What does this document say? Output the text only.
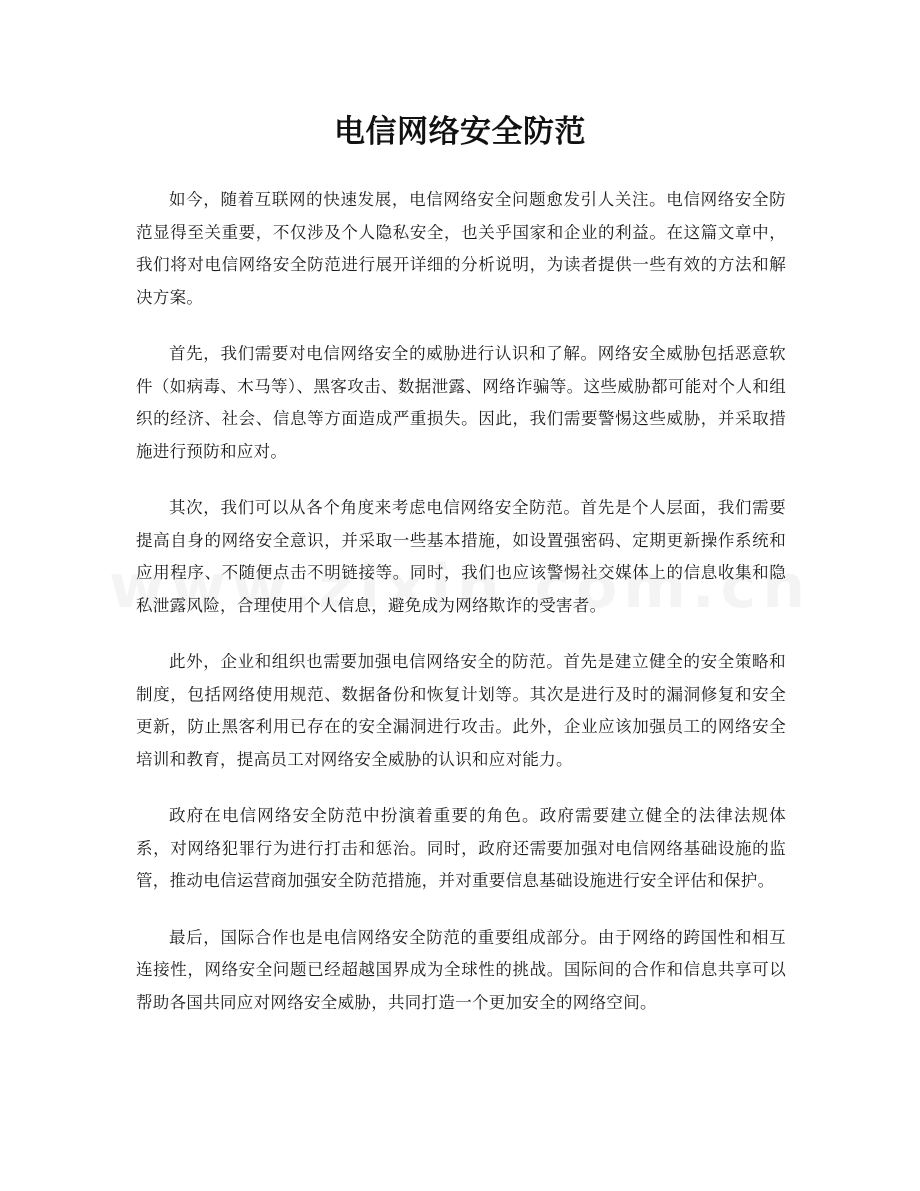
电信网络安全防范

如今，随着互联网的快速发展，电信网络安全问题愈发引人关注。电信网络安全防范显得至关重要，不仅涉及个人隐私安全，也关乎国家和企业的利益。在这篇文章中，我们将对电信网络安全防范进行展开详细的分析说明，为读者提供一些有效的方法和解决方案。

首先，我们需要对电信网络安全的威胁进行认识和了解。网络安全威胁包括恶意软件（如病毒、木马等）、黑客攻击、数据泄露、网络诈骗等。这些威胁都可能对个人和组织的经济、社会、信息等方面造成严重损失。因此，我们需要警惕这些威胁，并采取措施进行预防和应对。

其次，我们可以从各个角度来考虑电信网络安全防范。首先是个人层面，我们需要提高自身的网络安全意识，并采取一些基本措施，如设置强密码、定期更新操作系统和应用程序、不随便点击不明链接等。同时，我们也应该警惕社交媒体上的信息收集和隐私泄露风险，合理使用个人信息，避免成为网络欺诈的受害者。

此外，企业和组织也需要加强电信网络安全的防范。首先是建立健全的安全策略和制度，包括网络使用规范、数据备份和恢复计划等。其次是进行及时的漏洞修复和安全更新，防止黑客利用已存在的安全漏洞进行攻击。此外，企业应该加强员工的网络安全培训和教育，提高员工对网络安全威胁的认识和应对能力。

政府在电信网络安全防范中扮演着重要的角色。政府需要建立健全的法律法规体系，对网络犯罪行为进行打击和惩治。同时，政府还需要加强对电信网络基础设施的监管，推动电信运营商加强安全防范措施，并对重要信息基础设施进行安全评估和保护。

最后，国际合作也是电信网络安全防范的重要组成部分。由于网络的跨国性和相互连接性，网络安全问题已经超越国界成为全球性的挑战。国际间的合作和信息共享可以帮助各国共同应对网络安全威胁，共同打造一个更加安全的网络空间。
